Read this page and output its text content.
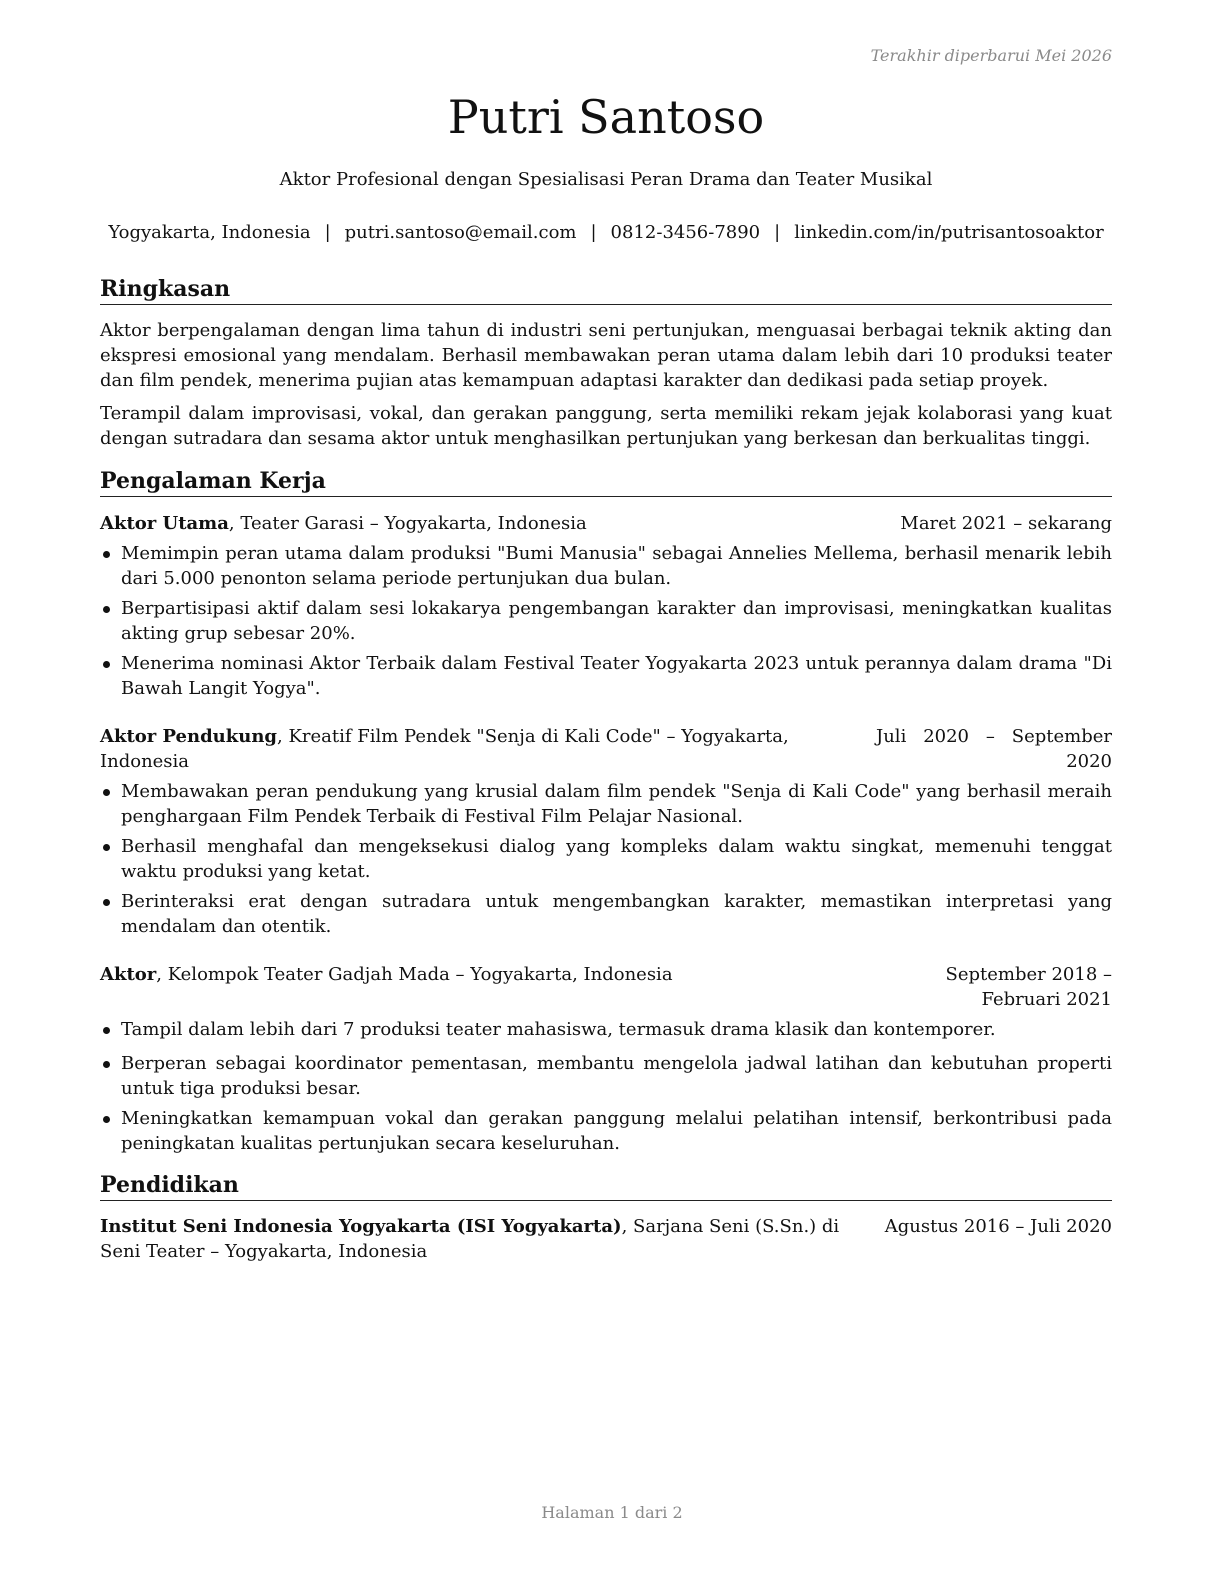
Terakhir diperbarui Mei 2026
Putri Santoso
Aktor Profesional dengan Spesialisasi Peran Drama dan Teater Musikal
Yogyakarta, Indonesia | putri.santoso@email.com | 0812-3456-7890 | linkedin.com/in/putrisantosoaktor
Ringkasan

Aktor berpengalaman dengan lima tahun di industri seni pertunjukan, menguasai berbagai teknik akting dan ekspresi emosional yang mendalam. Berhasil membawakan peran utama dalam lebih dari 10 produksi teater dan film pendek, menerima pujian atas kemampuan adaptasi karakter dan dedikasi pada setiap proyek.

Terampil dalam improvisasi, vokal, dan gerakan panggung, serta memiliki rekam jejak kolaborasi yang kuat dengan sutradara dan sesama aktor untuk menghasilkan pertunjukan yang berkesan dan berkualitas tinggi.

Pengalaman Kerja
Aktor Utama, Teater Garasi – Yogyakarta, Indonesia	Maret 2021 – sekarang
Memimpin peran utama dalam produksi "Bumi Manusia" sebagai Annelies Mellema, berhasil menarik lebih dari 5.000 penonton selama periode pertunjukan dua bulan.
Berpartisipasi aktif dalam sesi lokakarya pengembangan karakter dan improvisasi, meningkatkan kualitas akting grup sebesar 20%.
Menerima nominasi Aktor Terbaik dalam Festival Teater Yogyakarta 2023 untuk perannya dalam drama "Di Bawah Langit Yogya".
Aktor Pendukung, Kreatif Film Pendek "Senja di Kali Code" – Yogyakarta, Indonesia
Juli 2020 – September 2020
Membawakan peran pendukung yang krusial dalam film pendek "Senja di Kali Code" yang berhasil meraih penghargaan Film Pendek Terbaik di Festival Film Pelajar Nasional.
Berhasil menghafal dan mengeksekusi dialog yang kompleks dalam waktu singkat, memenuhi tenggat waktu produksi yang ketat.
Berinteraksi erat dengan sutradara untuk mengembangkan karakter, memastikan interpretasi yang mendalam dan otentik.
Aktor, Kelompok Teater Gadjah Mada – Yogyakarta, Indonesia	September 2018 – Februari 2021
Tampil dalam lebih dari 7 produksi teater mahasiswa, termasuk drama klasik dan kontemporer.
Berperan sebagai koordinator pementasan, membantu mengelola jadwal latihan dan kebutuhan properti untuk tiga produksi besar.
Meningkatkan kemampuan vokal dan gerakan panggung melalui pelatihan intensif, berkontribusi pada peningkatan kualitas pertunjukan secara keseluruhan.
Pendidikan
Institut Seni Indonesia Yogyakarta (ISI Yogyakarta), Sarjana Seni (S.Sn.) di Seni Teater – Yogyakarta, Indonesia
Agustus 2016 – Juli 2020
Halaman 1 dari 2
